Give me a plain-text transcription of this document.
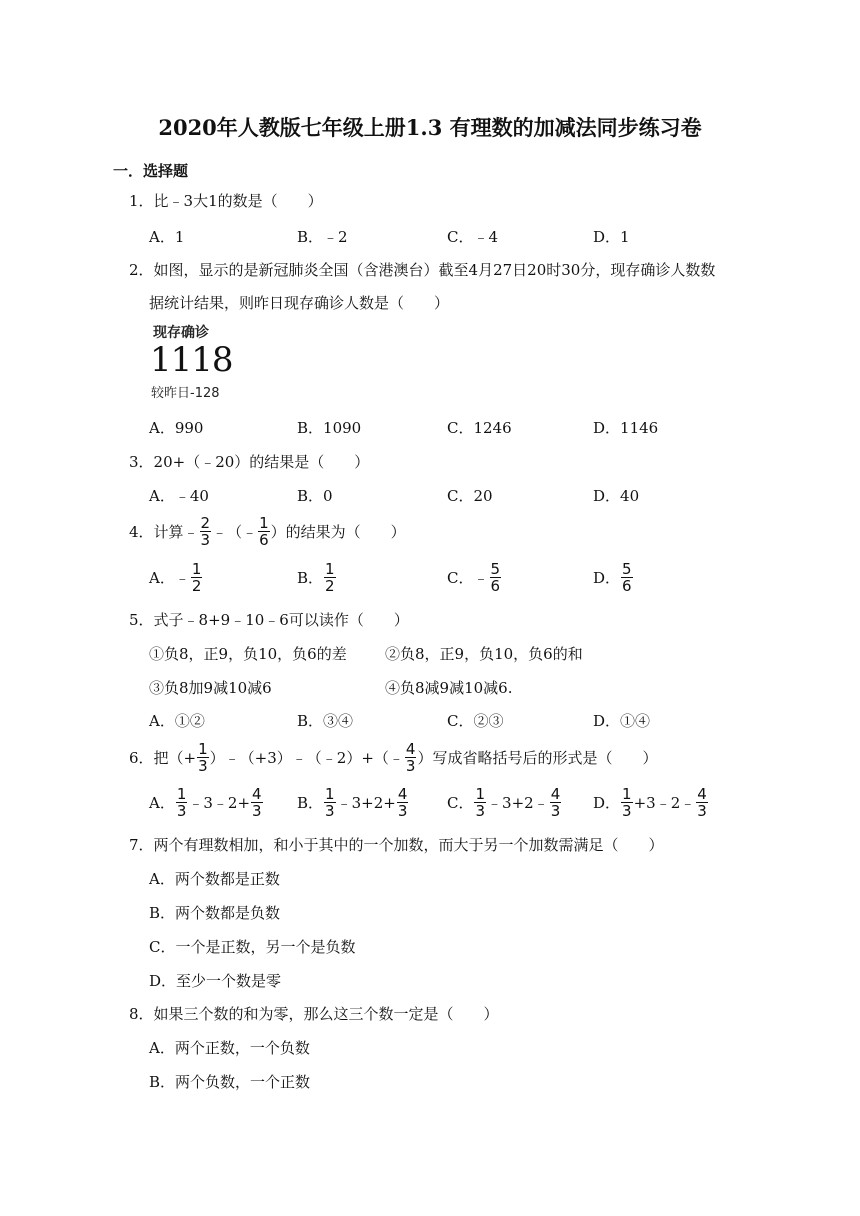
2020年人教版七年级上册1.3 有理数的加减法同步练习卷
一．选择题
1．比﹣3大1的数是（　　）
A．1	B．﹣2	C．﹣4	D．1
2．如图，显示的是新冠肺炎全国（含港澳台）截至4月27日20时30分，现存确诊人数数
据统计结果，则昨日现存确诊人数是（　　）
现存确诊
1118
较昨日-128
A．990	B．1090	C．1246	D．1146
3．20+（﹣20）的结果是（　　）
A．﹣40	B．0	C．20	D．40
4．计算﹣ $\frac{2}{3}$ ﹣（﹣ $\frac{1}{6}$ ）的结果为（　　）
A． ﹣ $\frac{1}{2}$	B． $\frac{1}{2}$	C． ﹣ $\frac{5}{6}$	D． $\frac{5}{6}$
5．式子﹣8+9﹣10﹣6可以读作（　　）
①负8，正9，负10，负6的差	②负8，正9，负10，负6的和
③负8加9减10减6	④负8减9减10减6.
A．①②	B．③④	C．②③	D．①④
6．把（+ $\frac{1}{3}$ ）﹣（+3）﹣（﹣2）+（﹣ $\frac{4}{3}$ ）写成省略括号后的形式是（　　）
A． $\frac{1}{3}$ ﹣3﹣2+ $\frac{4}{3}$ B． $\frac{1}{3}$ ﹣3+2+ $\frac{4}{3}$	C． $\frac{1}{3}$ ﹣3+2﹣ $\frac{4}{3}$ D． $\frac{1}{3}$ +3﹣2﹣ $\frac{4}{3}$
7．两个有理数相加，和小于其中的一个加数，而大于另一个加数需满足（　　）
A．两个数都是正数
B．两个数都是负数
C．一个是正数，另一个是负数
D．至少一个数是零
8．如果三个数的和为零，那么这三个数一定是（　　）
A．两个正数，一个负数
B．两个负数，一个正数
